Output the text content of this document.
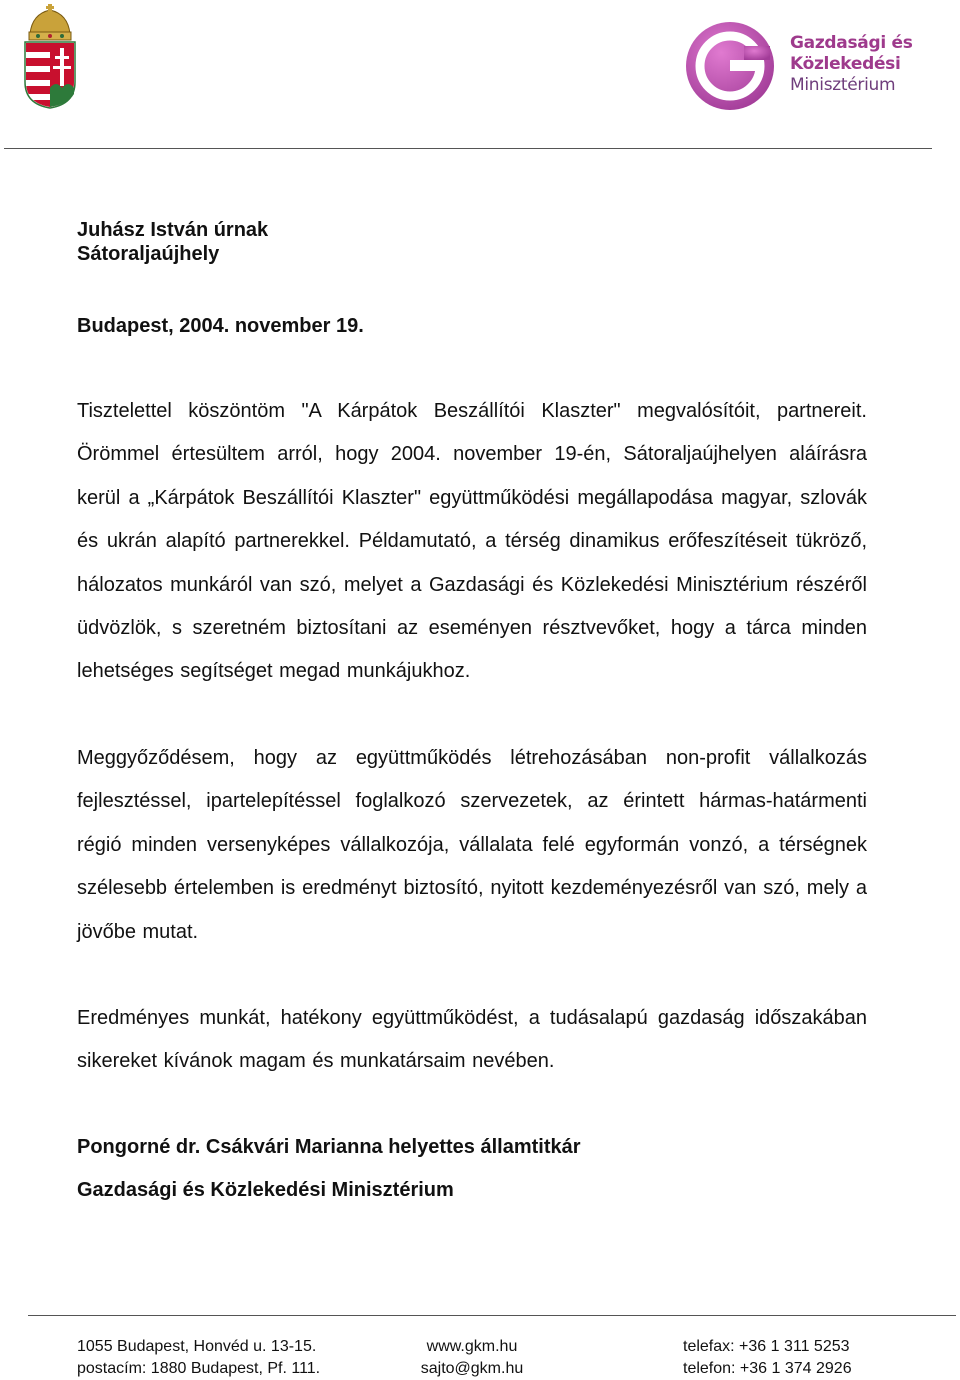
Gazdasági és
Közlekedési
Minisztérium
Juhász István úrnak
Sátoraljaújhely
Budapest, 2004. november 19.

Tisztelettel köszöntöm "A Kárpátok Beszállítói Klaszter" megvalósítóit, partnereit. Örömmel értesültem arról, hogy 2004. november 19-én, Sátoraljaújhelyen aláírásra kerül a „Kárpátok Beszállítói Klaszter" együttműködési megállapodása magyar, szlovák és ukrán alapító partnerekkel. Példamutató, a térség dinamikus erőfeszítéseit tükröző, hálozatos munkáról van szó, melyet a Gazdasági és Közlekedési Minisztérium részéről üdvözlök, s szeretném biztosítani az eseményen résztvevőket, hogy a tárca minden lehetséges segítséget megad munkájukhoz.

Meggyőződésem, hogy az együttműködés létrehozásában non-profit vállalkozás fejlesztéssel, ipartelepítéssel foglalkozó szervezetek, az érintett hármas-határmenti régió minden versenyképes vállalkozója, vállalata felé egyformán vonzó, a térségnek szélesebb értelemben is eredményt biztosító, nyitott kezdeményezésről van szó, mely a jövőbe mutat.

Eredményes munkát, hatékony együttműködést, a tudásalapú gazdaság időszakában sikereket kívánok magam és munkatársaim nevében.

Pongorné dr. Csákvári Marianna helyettes államtitkár
Gazdasági és Közlekedési Minisztérium
1055 Budapest, Honvéd u. 13-15.
postacím: 1880 Budapest, Pf. 111.
www.gkm.hu
sajto@gkm.hu
telefax: +36 1 311 5253
telefon: +36 1 374 2926
